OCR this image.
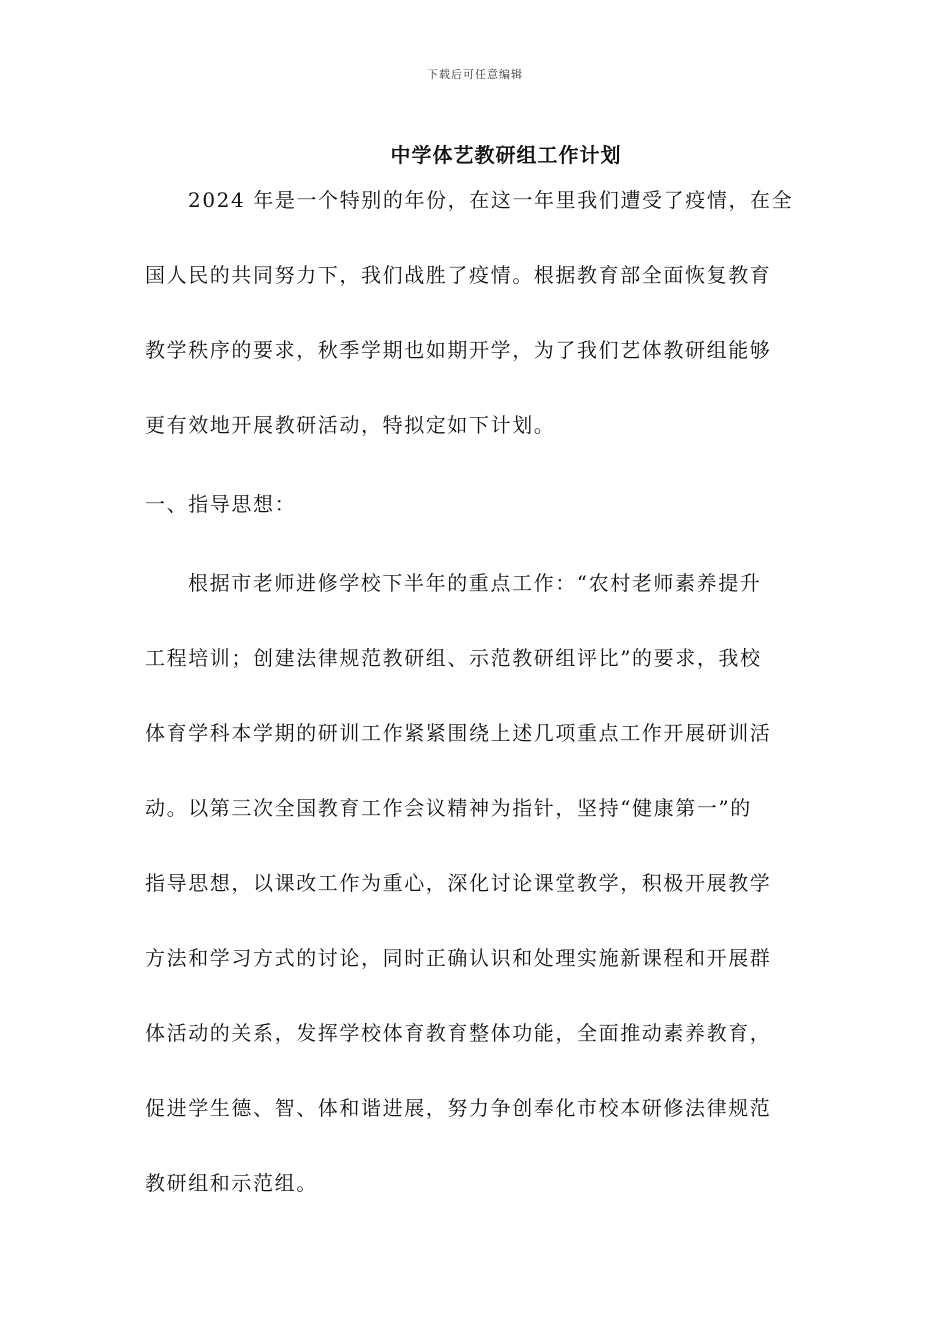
下载后可任意编辑
中学体艺教研组工作计划
2024 年是一个特别的年份，在这一年里我们遭受了疫情，在全
国人民的共同努力下，我们战胜了疫情。根据教育部全面恢复教育
教学秩序的要求，秋季学期也如期开学，为了我们艺体教研组能够
更有效地开展教研活动，特拟定如下计划。
一、指导思想：
根据市老师进修学校下半年的重点工作：“农村老师素养提升
工程培训；创建法律规范教研组、示范教研组评比”的要求，我校
体育学科本学期的研训工作紧紧围绕上述几项重点工作开展研训活
动。以第三次全国教育工作会议精神为指针，坚持“健康第一”的
指导思想，以课改工作为重心，深化讨论课堂教学，积极开展教学
方法和学习方式的讨论，同时正确认识和处理实施新课程和开展群
体活动的关系，发挥学校体育教育整体功能，全面推动素养教育，
促进学生德、智、体和谐进展，努力争创奉化市校本研修法律规范
教研组和示范组。
